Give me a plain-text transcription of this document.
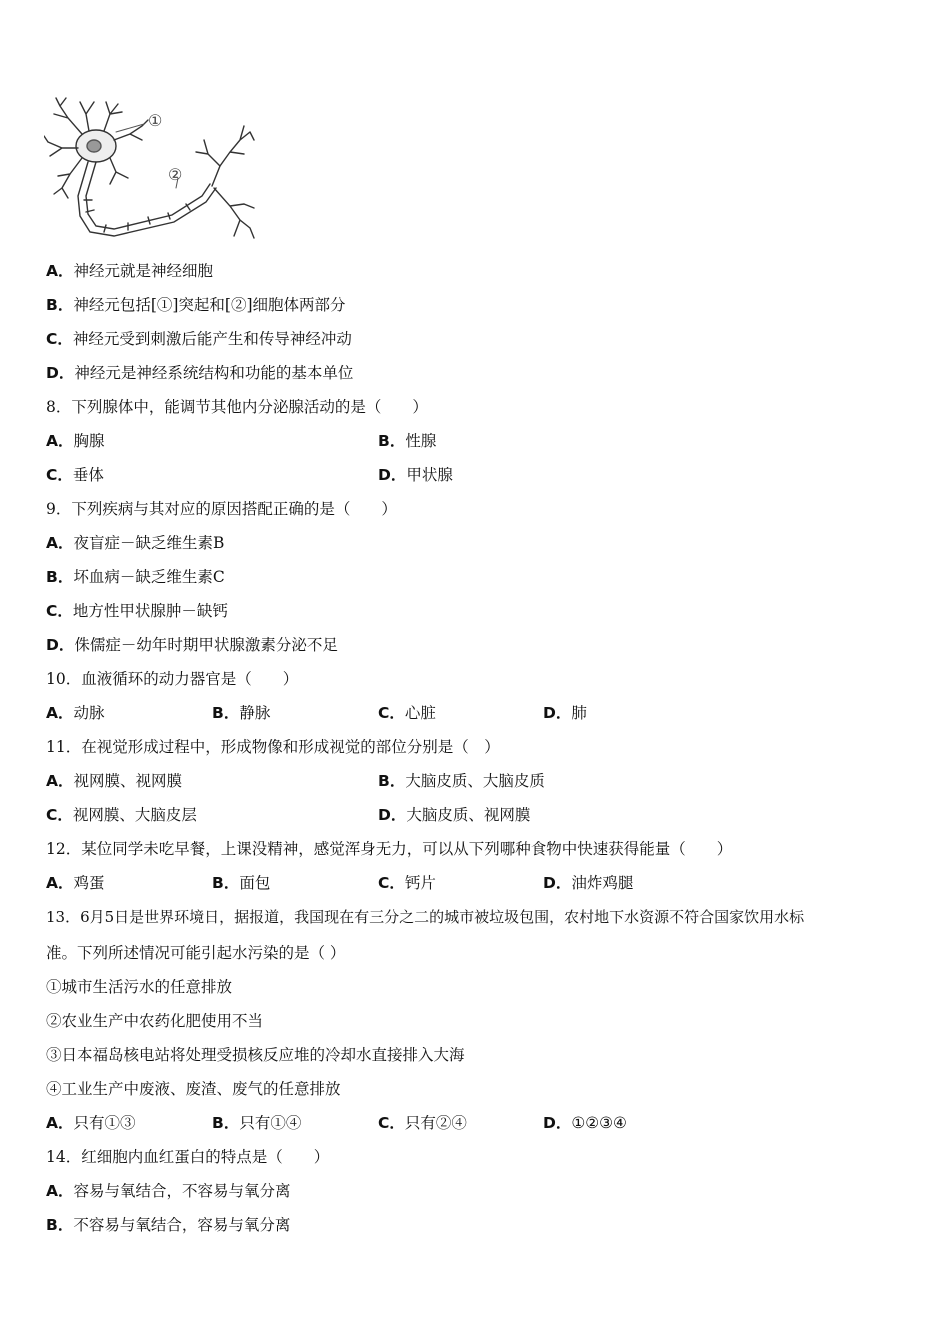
①
②
A．神经元就是神经细胞
B．神经元包括[①]突起和[②]细胞体两部分
C．神经元受到刺激后能产生和传导神经冲动
D．神经元是神经系统结构和功能的基本单位
8．下列腺体中，能调节其他内分泌腺活动的是（　　）
A．胸腺	B．性腺
C．垂体	D．甲状腺
9．下列疾病与其对应的原因搭配正确的是（　　）
A．夜盲症－缺乏维生素B
B．坏血病－缺乏维生素C
C．地方性甲状腺肿－缺钙
D．侏儒症－幼年时期甲状腺激素分泌不足
10．血液循环的动力器官是（　　）
A．动脉	B．静脉	C．心脏	D．肺
11．在视觉形成过程中，形成物像和形成视觉的部位分别是（　）
A．视网膜、视网膜	B．大脑皮质、大脑皮质
C．视网膜、大脑皮层	D．大脑皮质、视网膜
12．某位同学未吃早餐，上课没精神，感觉浑身无力，可以从下列哪种食物中快速获得能量（　　）
A．鸡蛋	B．面包	C．钙片	D．油炸鸡腿
13．6月5日是世界环境日，据报道，我国现在有三分之二的城市被垃圾包围，农村地下水资源不符合国家饮用水标
准。下列所述情况可能引起水污染的是（ ）
①城市生活污水的任意排放
②农业生产中农药化肥使用不当
③日本福岛核电站将处理受损核反应堆的冷却水直接排入大海
④工业生产中废液、废渣、废气的任意排放
A．只有①③	B．只有①④	C．只有②④	D．①②③④
14．红细胞内血红蛋白的特点是（　　）
A．容易与氧结合，不容易与氧分离
B．不容易与氧结合，容易与氧分离
